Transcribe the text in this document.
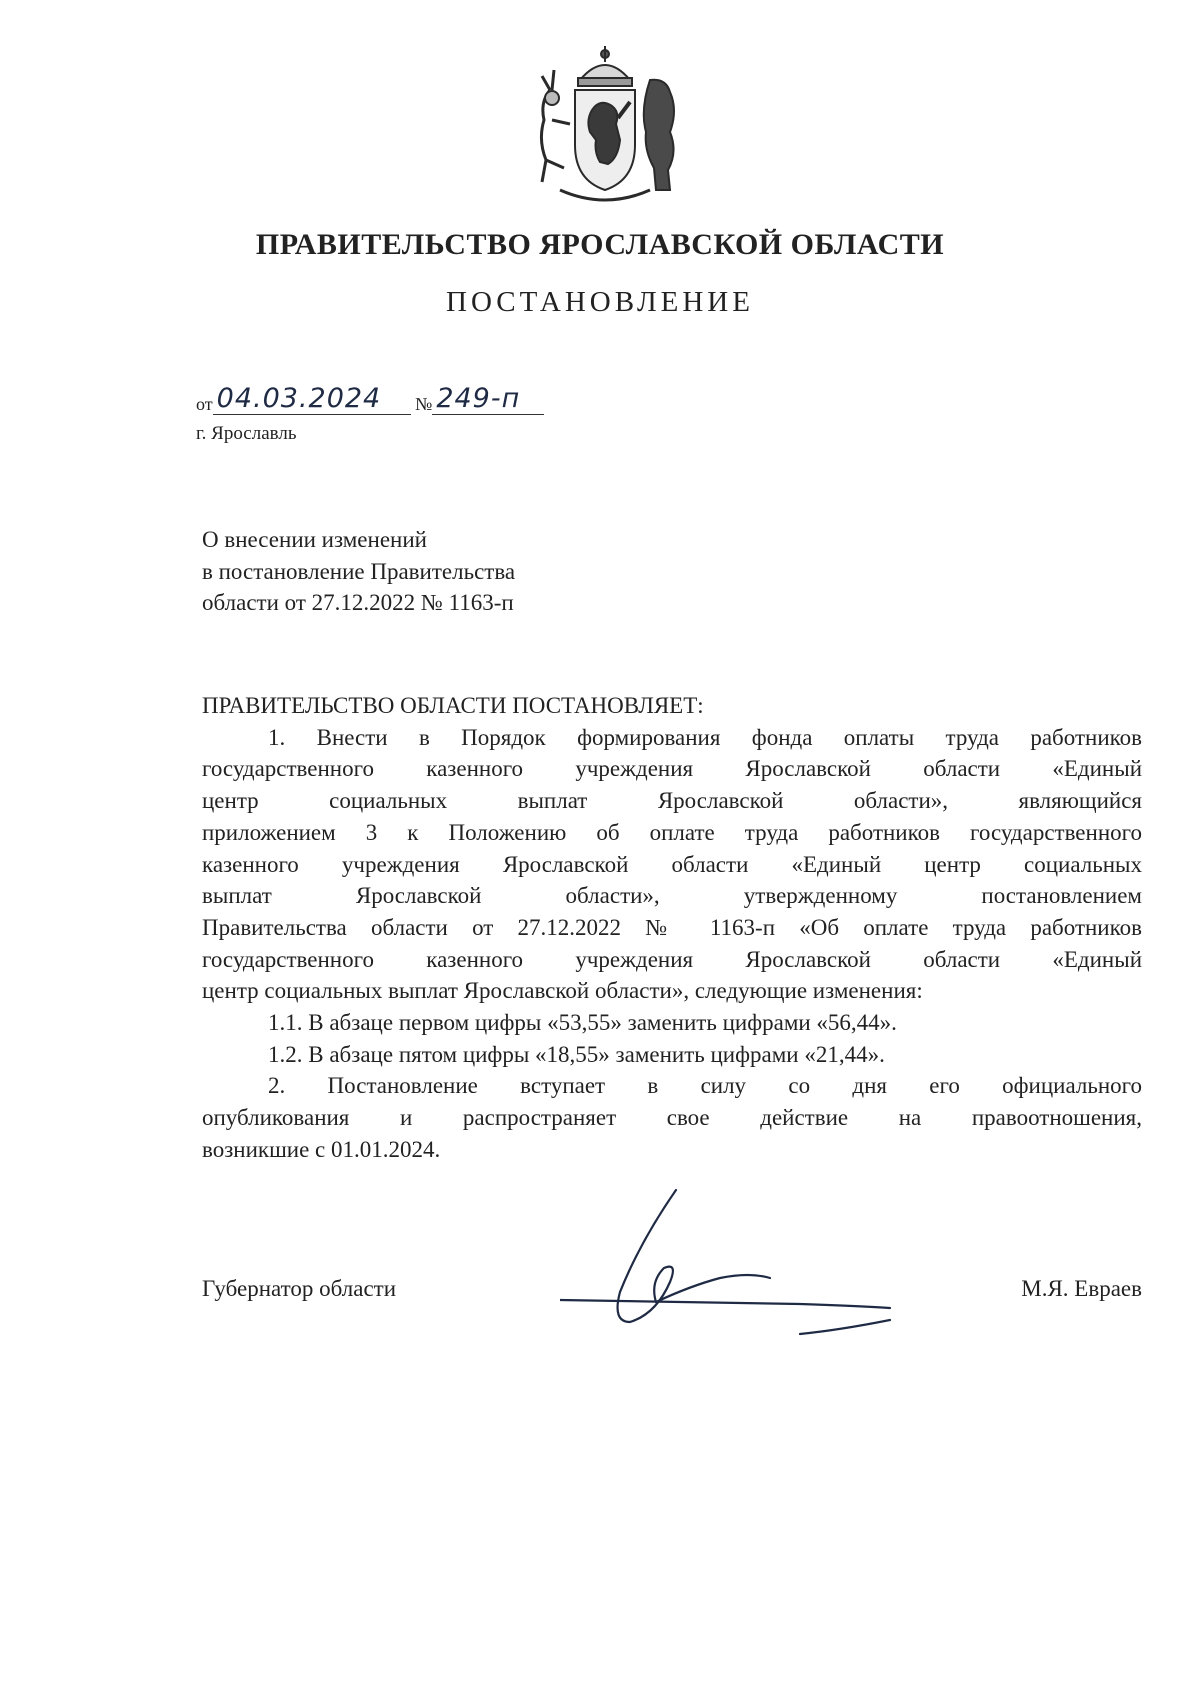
ПРАВИТЕЛЬСТВО ЯРОСЛАВСКОЙ ОБЛАСТИ
ПОСТАНОВЛЕНИЕ
от 04.03.2024 № 249-п
г. Ярославль
О внесении изменений
в постановление Правительства
области от 27.12.2022 № 1163-п
ПРАВИТЕЛЬСТВО ОБЛАСТИ ПОСТАНОВЛЯЕТ:
1. Внести в Порядок формирования фонда оплаты труда работников
государственного казенного учреждения Ярославской области «Единый
центр социальных выплат Ярославской области», являющийся
приложением 3 к Положению об оплате труда работников государственного
казенного учреждения Ярославской области «Единый центр социальных
выплат Ярославской области», утвержденному постановлением
Правительства области от 27.12.2022 № 1163-п «Об оплате труда работников
государственного казенного учреждения Ярославской области «Единый
центр социальных выплат Ярославской области», следующие изменения:
1.1. В абзаце первом цифры «53,55» заменить цифрами «56,44».
1.2. В абзаце пятом цифры «18,55» заменить цифрами «21,44».
2. Постановление вступает в силу со дня его официального
опубликования и распространяет свое действие на правоотношения,
возникшие с 01.01.2024.
Губернатор области	М.Я. Евраев
